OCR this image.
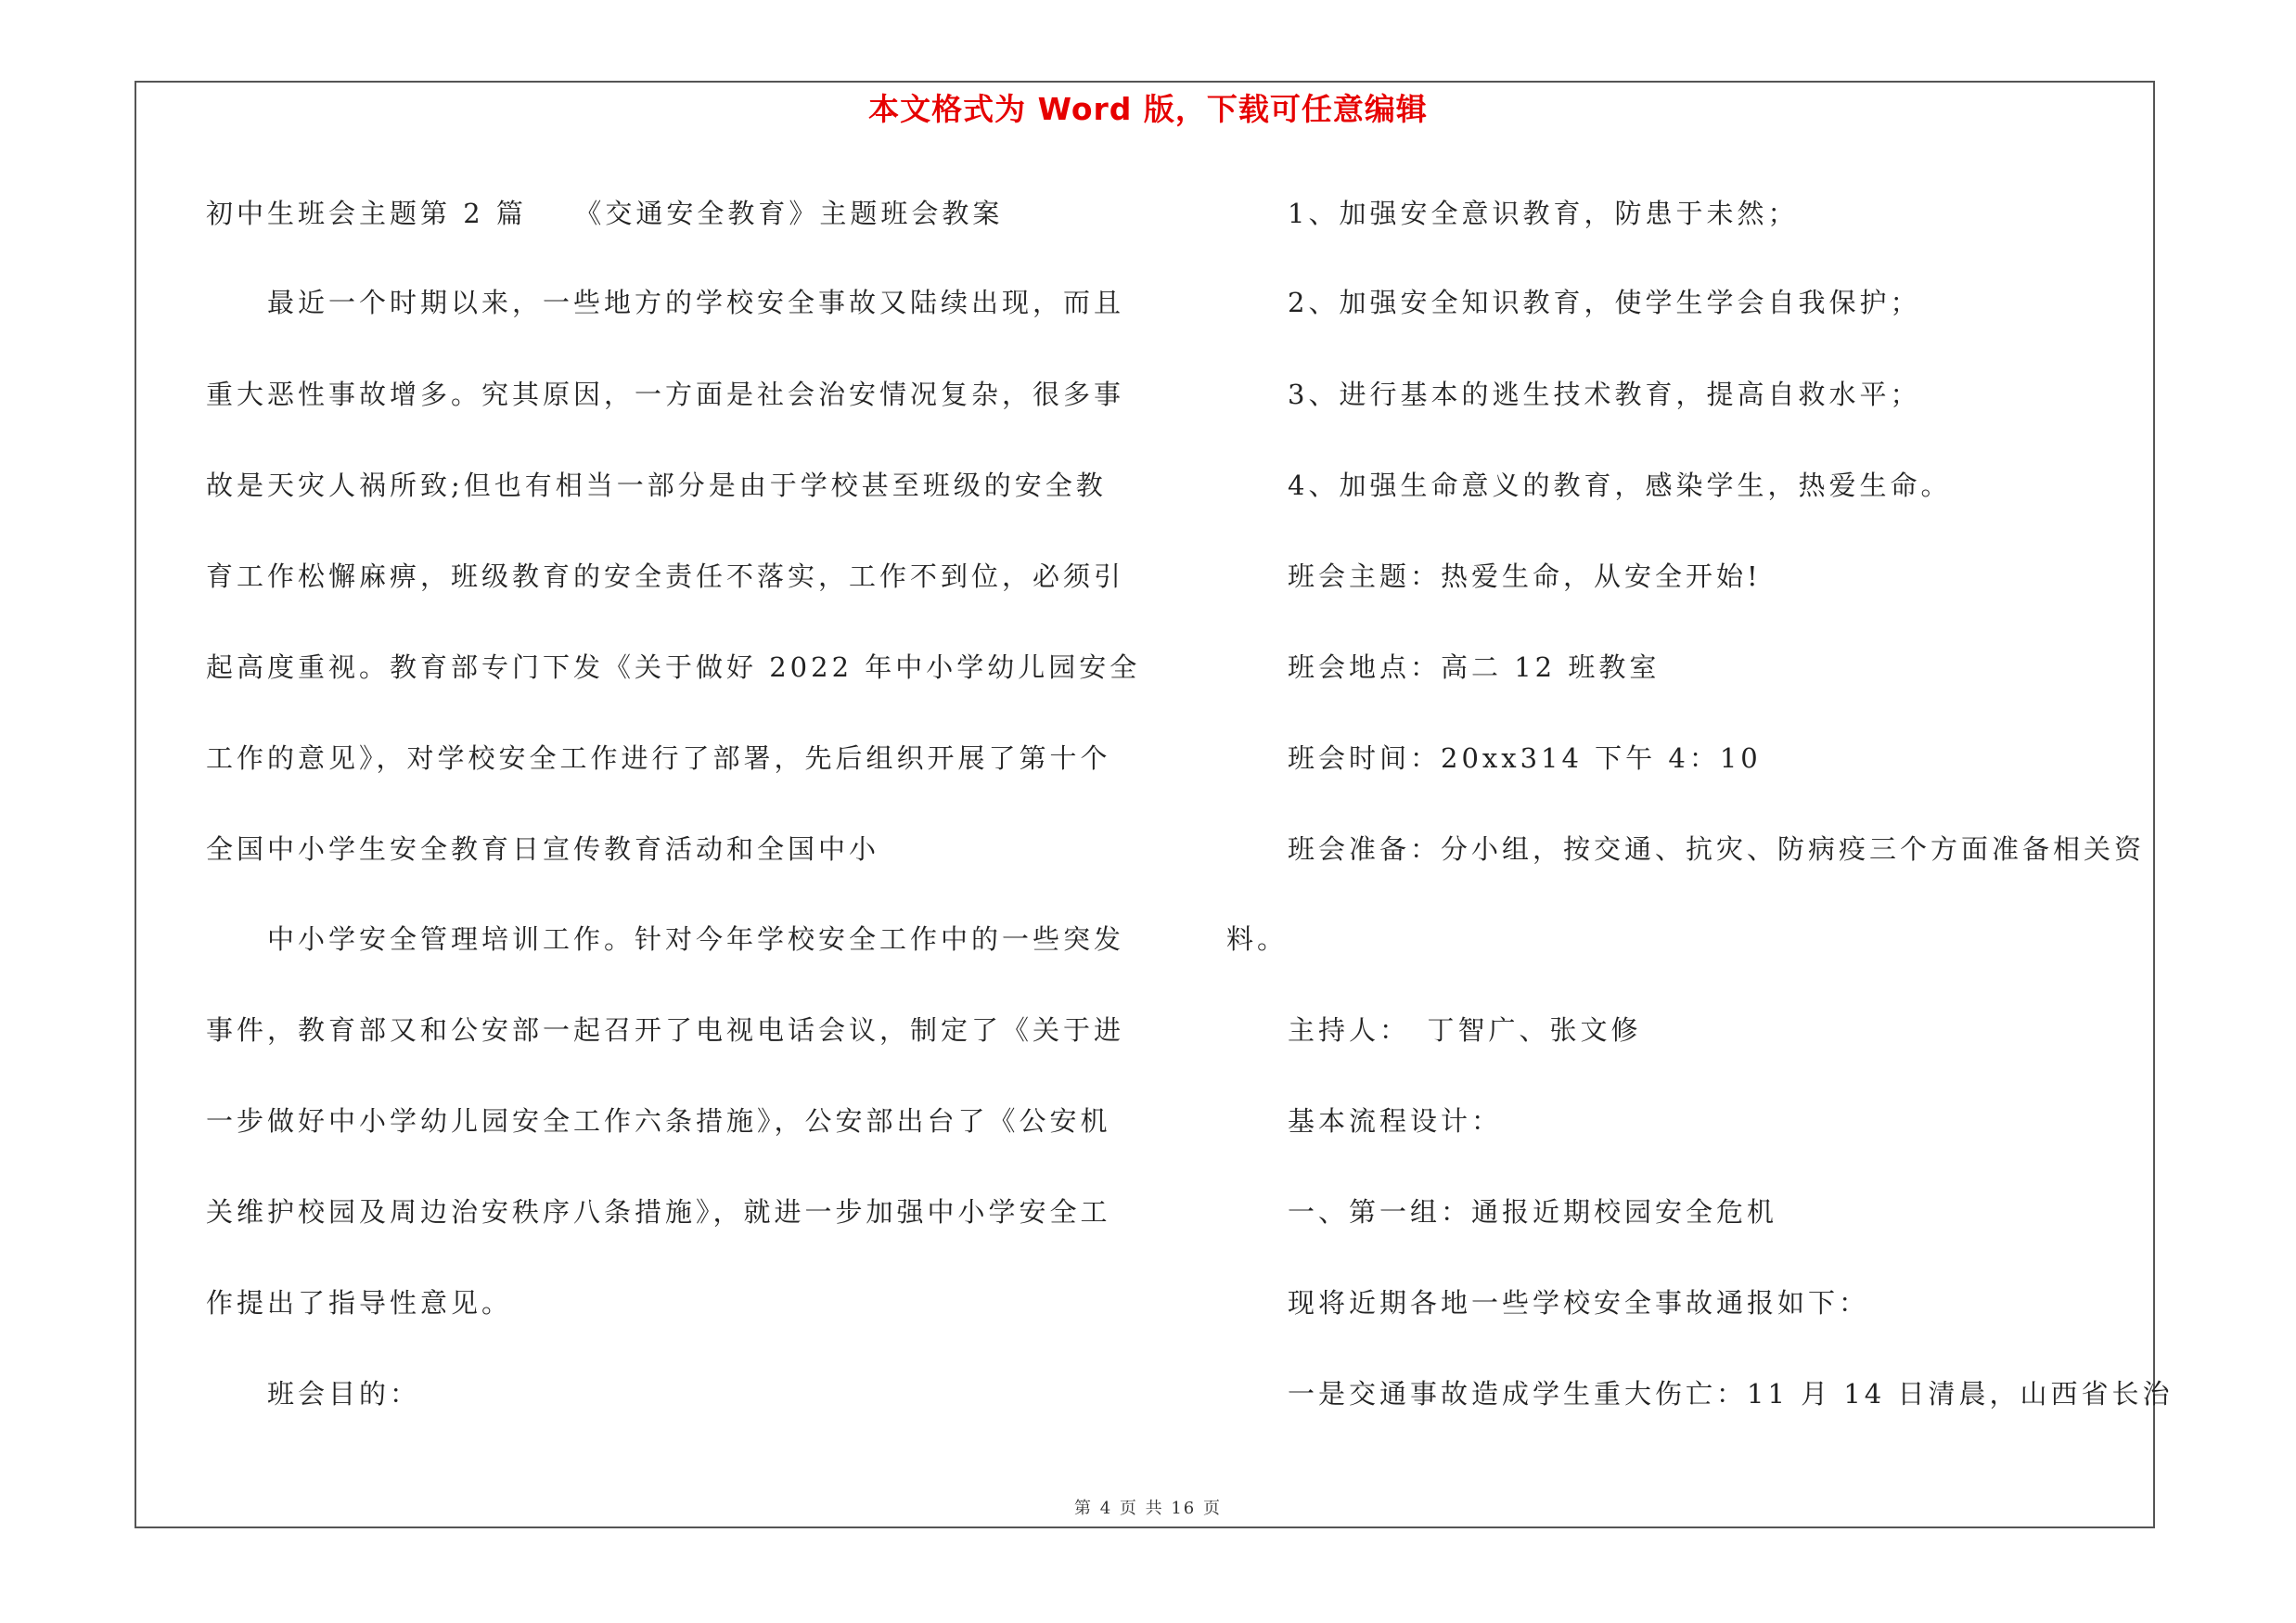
本文格式为 Word 版，下载可任意编辑
初中生班会主题第 2 篇　　《交通安全教育》主题班会教案
最近一个时期以来，一些地方的学校安全事故又陆续出现，而且
重大恶性事故增多。究其原因，一方面是社会治安情况复杂，很多事
故是天灾人祸所致;但也有相当一部分是由于学校甚至班级的安全教
育工作松懈麻痹，班级教育的安全责任不落实，工作不到位，必须引
起高度重视。教育部专门下发《关于做好 2022 年中小学幼儿园安全
工作的意见》，对学校安全工作进行了部署，先后组织开展了第十个
全国中小学生安全教育日宣传教育活动和全国中小
中小学安全管理培训工作。针对今年学校安全工作中的一些突发
事件，教育部又和公安部一起召开了电视电话会议，制定了《关于进
一步做好中小学幼儿园安全工作六条措施》，公安部出台了《公安机
关维护校园及周边治安秩序八条措施》，就进一步加强中小学安全工
作提出了指导性意见。
班会目的：
1、加强安全意识教育，防患于未然；
2、加强安全知识教育，使学生学会自我保护；
3、进行基本的逃生技术教育，提高自救水平；
4、加强生命意义的教育，感染学生，热爱生命。
班会主题：热爱生命，从安全开始!
班会地点：高二 12 班教室
班会时间：20xx314 下午 4：10
班会准备：分小组，按交通、抗灾、防病疫三个方面准备相关资
料。
主持人：　丁智广、张文修
基本流程设计：
一、第一组：通报近期校园安全危机
现将近期各地一些学校安全事故通报如下：
一是交通事故造成学生重大伤亡：11 月 14 日清晨，山西省长治
第 4 页 共 16 页
